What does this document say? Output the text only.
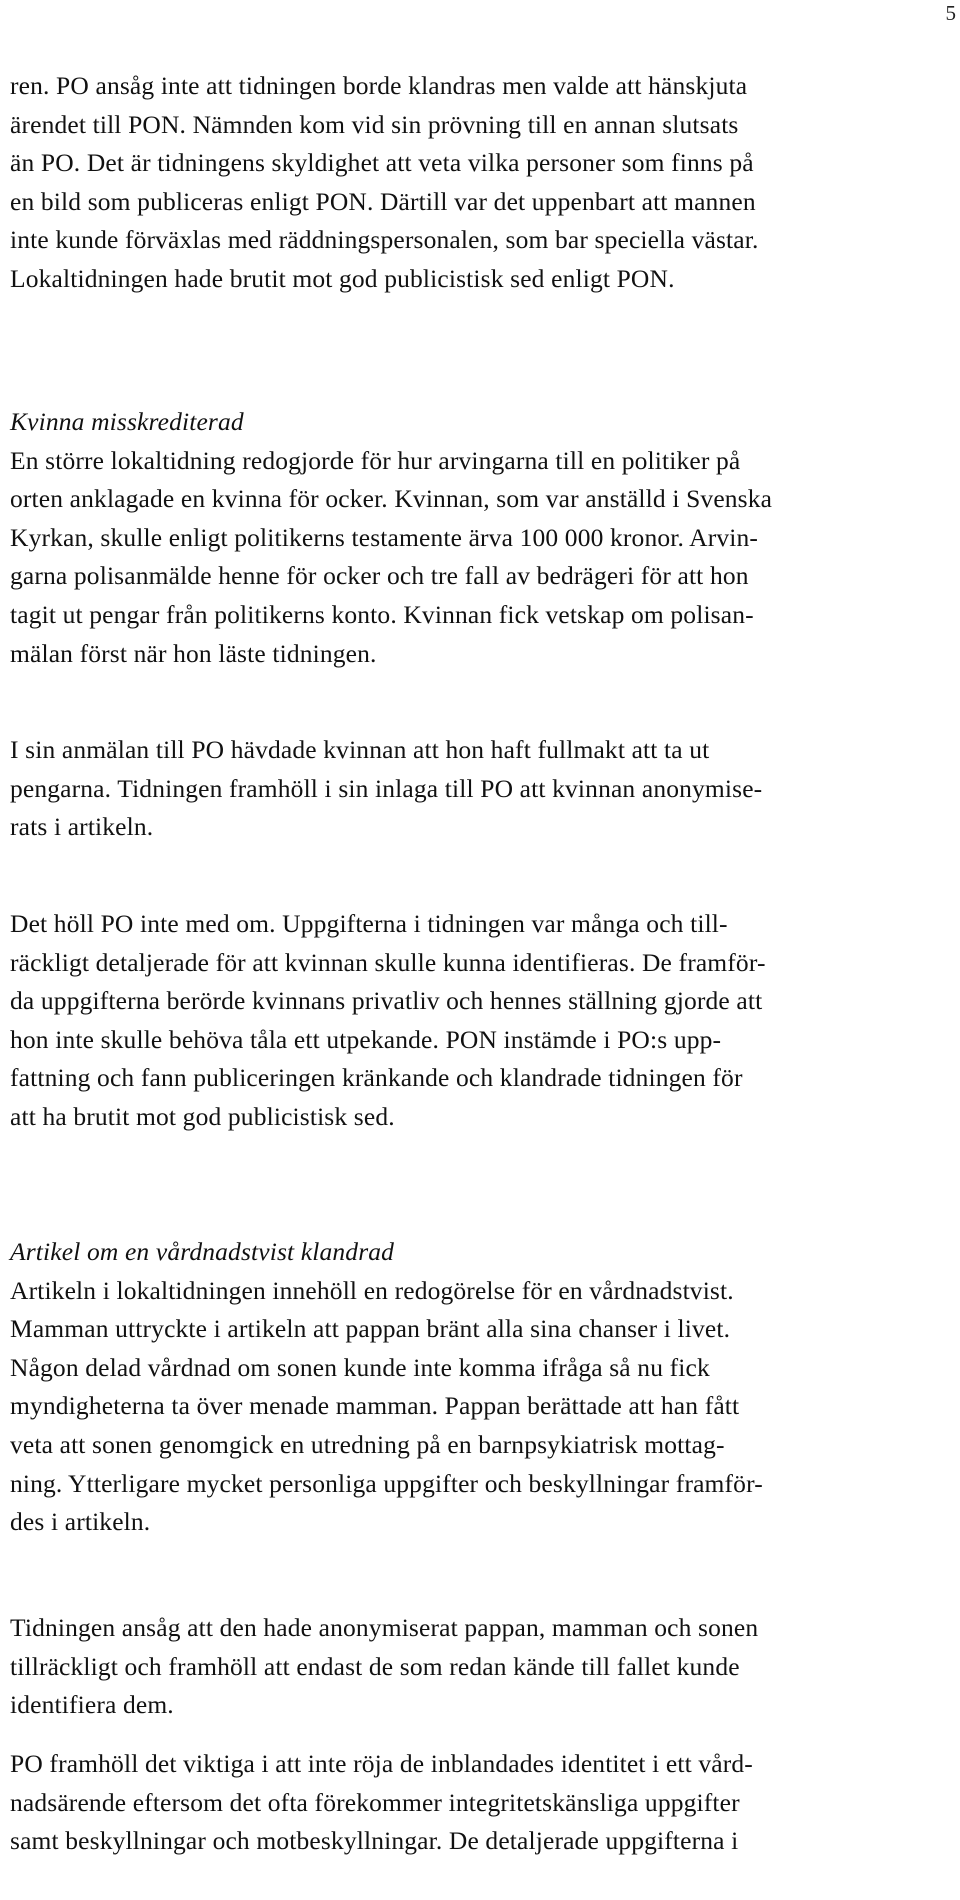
5

ren. PO ansåg inte att tidningen borde klandras men valde att hänskjuta
ärendet till PON. Nämnden kom vid sin prövning till en annan slutsats
än PO. Det är tidningens skyldighet att veta vilka personer som finns på
en bild som publiceras enligt PON. Därtill var det uppenbart att mannen
inte kunde förväxlas med räddningspersonalen, som bar speciella västar.
Lokaltidningen hade brutit mot god publicistisk sed enligt PON.

Kvinna misskrediterad
En större lokaltidning redogjorde för hur arvingarna till en politiker på
orten anklagade en kvinna för ocker. Kvinnan, som var anställd i Svenska
Kyrkan, skulle enligt politikerns testamente ärva 100 000 kronor. Arvin-
garna polisanmälde henne för ocker och tre fall av bedrägeri för att hon
tagit ut pengar från politikerns konto. Kvinnan fick vetskap om polisan-
mälan först när hon läste tidningen.

I sin anmälan till PO hävdade kvinnan att hon haft fullmakt att ta ut
pengarna. Tidningen framhöll i sin inlaga till PO att kvinnan anonymise-
rats i artikeln.

Det höll PO inte med om. Uppgifterna i tidningen var många och till-
räckligt detaljerade för att kvinnan skulle kunna identifieras. De framför-
da uppgifterna berörde kvinnans privatliv och hennes ställning gjorde att
hon inte skulle behöva tåla ett utpekande. PON instämde i PO:s upp-
fattning och fann publiceringen kränkande och klandrade tidningen för
att ha brutit mot god publicistisk sed.

Artikel om en vårdnadstvist klandrad
Artikeln i lokaltidningen innehöll en redogörelse för en vårdnadstvist.
Mamman uttryckte i artikeln att pappan bränt alla sina chanser i livet.
Någon delad vårdnad om sonen kunde inte komma ifråga så nu fick
myndigheterna ta över menade mamman. Pappan berättade att han fått
veta att sonen genomgick en utredning på en barnpsykiatrisk mottag-
ning. Ytterligare mycket personliga uppgifter och beskyllningar framför-
des i artikeln.

Tidningen ansåg att den hade anonymiserat pappan, mamman och sonen
tillräckligt och framhöll att endast de som redan kände till fallet kunde
identifiera dem.

PO framhöll det viktiga i att inte röja de inblandades identitet i ett vård-
nadsärende eftersom det ofta förekommer integritetskänsliga uppgifter
samt beskyllningar och motbeskyllningar. De detaljerade uppgifterna i
